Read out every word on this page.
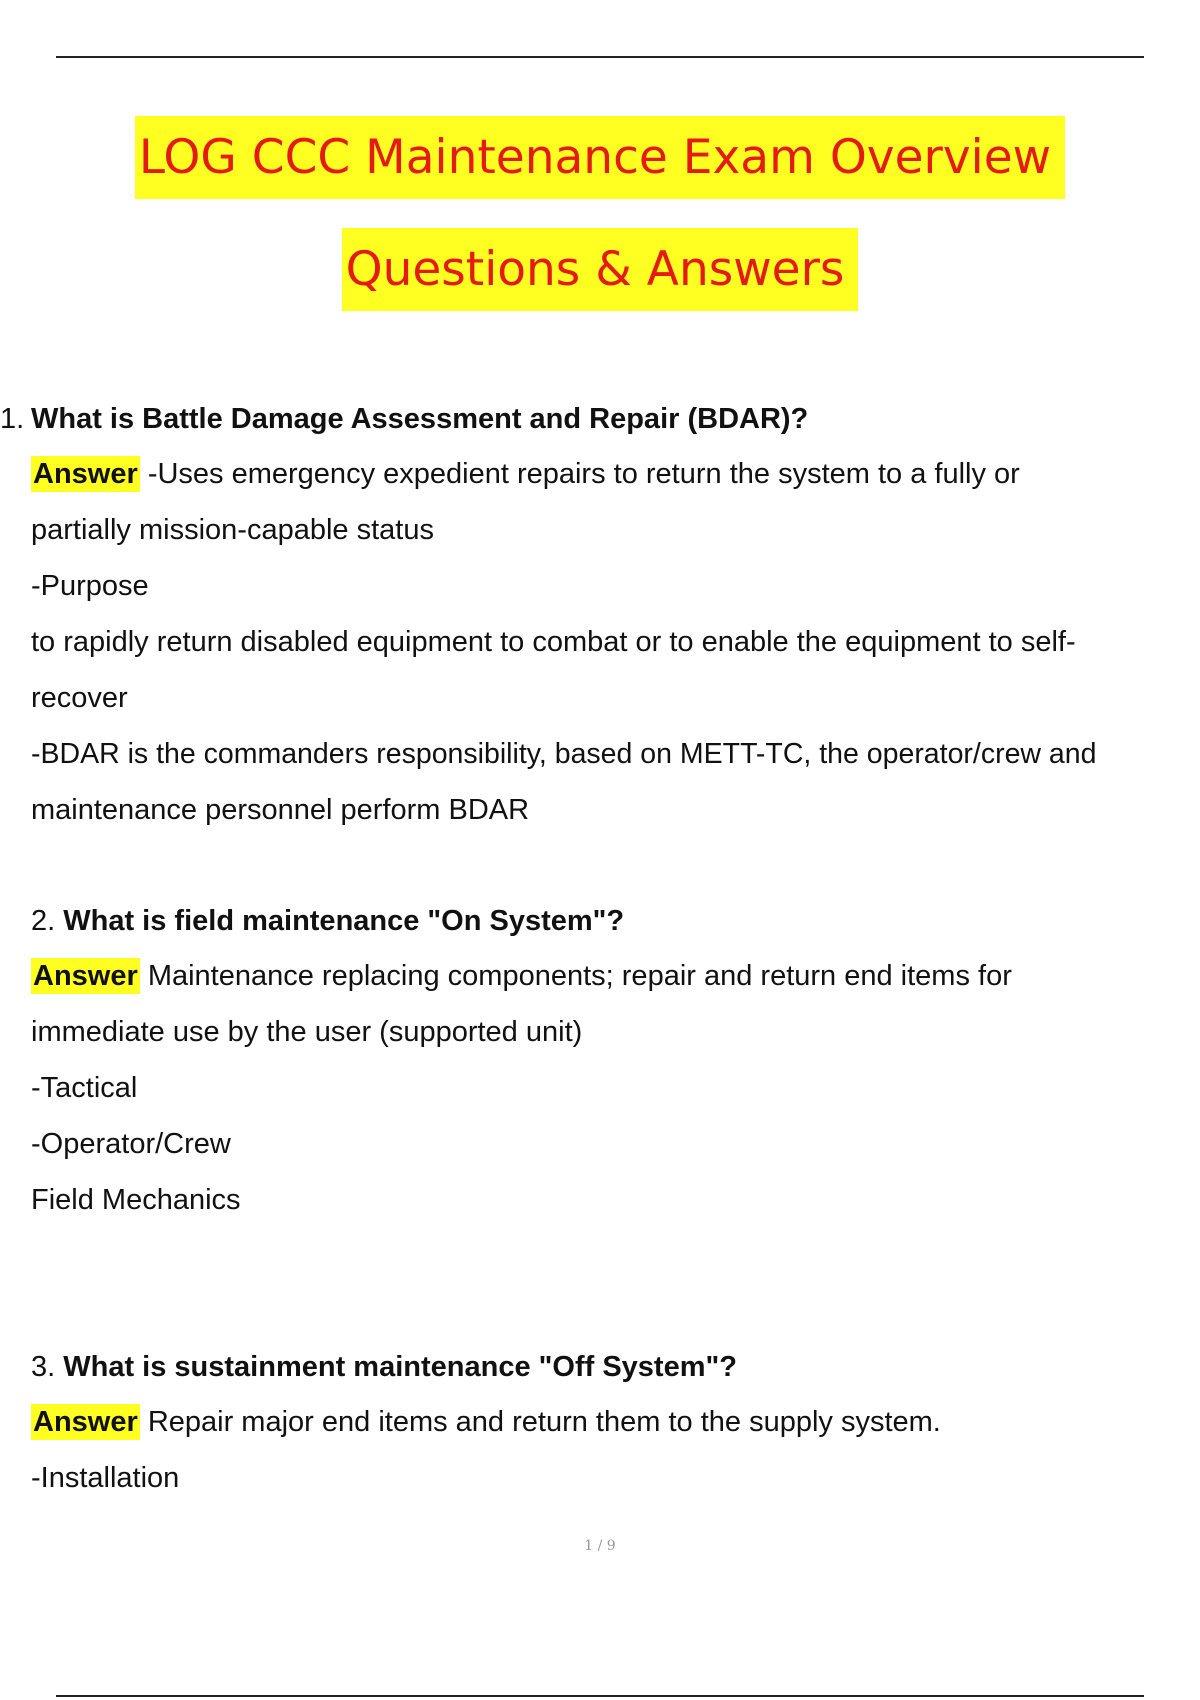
LOG CCC Maintenance Exam Overview
Questions & Answers
1. What is Battle Damage Assessment and Repair (BDAR)?
Answer -Uses emergency expedient repairs to return the system to a fully or
partially mission-capable status
-Purpose
to rapidly return disabled equipment to combat or to enable the equipment to self-
recover
-BDAR is the commanders responsibility, based on METT-TC, the operator/crew and
maintenance personnel perform BDAR
2. What is field maintenance "On System"?
Answer Maintenance replacing components; repair and return end items for
immediate use by the user (supported unit)
-Tactical
-Operator/Crew
Field Mechanics
3. What is sustainment maintenance "Off System"?
Answer Repair major end items and return them to the supply system.
-Installation
1 / 9
